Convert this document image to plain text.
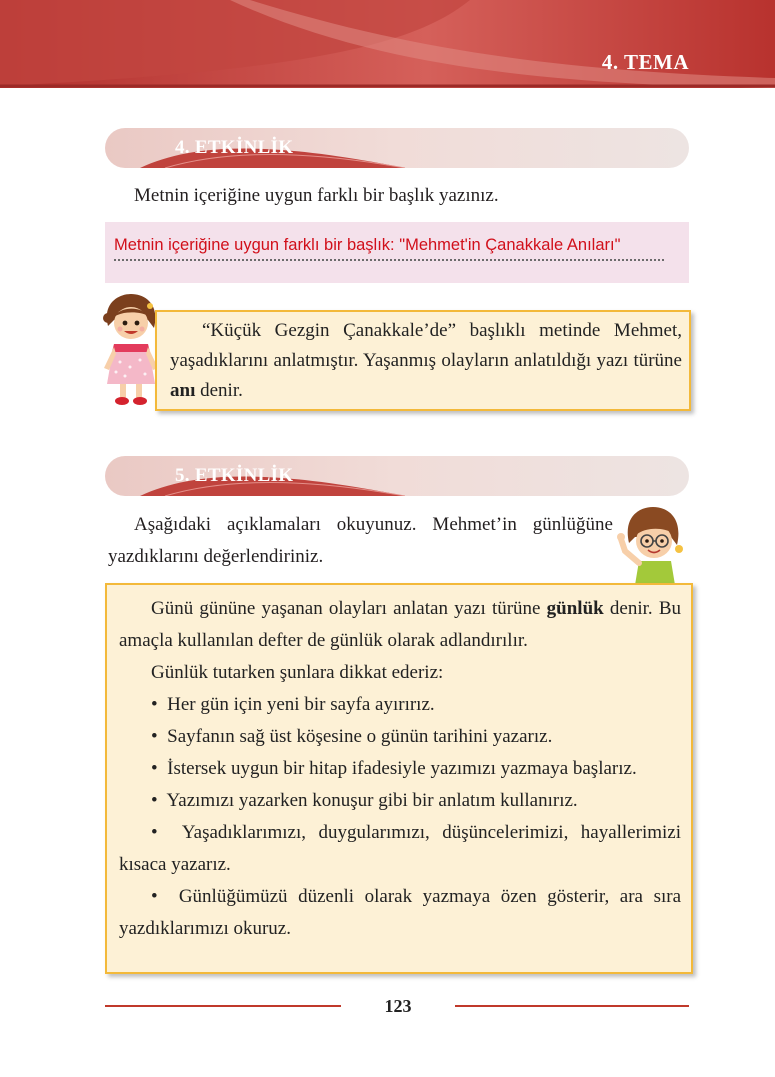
4. TEMA
4. ETKİNLİK
Metnin içeriğine uygun farklı bir başlık yazınız.
Metnin içeriğine uygun farklı bir başlık: "Mehmet'in Çanakkale Anıları"
“Küçük Gezgin Çanakkale’de” başlıklı metinde Mehmet, yaşadıklarını anlatmıştır. Yaşanmış olayların anlatıldığı yazı türüne anı denir.
5. ETKİNLİK
Aşağıdaki açıklamaları okuyunuz. Mehmet’in günlüğüne yazdıklarını değerlendiriniz.

Günü gününe yaşanan olayları anlatan yazı türüne günlük denir. Bu amaçla kullanılan defter de günlük olarak adlandırılır.

Günlük tutarken şunlara dikkat ederiz:

•  Her gün için yeni bir sayfa ayırırız.

•  Sayfanın sağ üst köşesine o günün tarihini yazarız.

•  İstersek uygun bir hitap ifadesiyle yazımızı yazmaya başlarız.

•  Yazımızı yazarken konuşur gibi bir anlatım kullanırız.

•  Yaşadıklarımızı, duygularımızı, düşüncelerimizi, hayallerimizi kısaca yazarız.

•  Günlüğümüzü düzenli olarak yazmaya özen gösterir, ara sıra yazdıklarımızı okuruz.

123
